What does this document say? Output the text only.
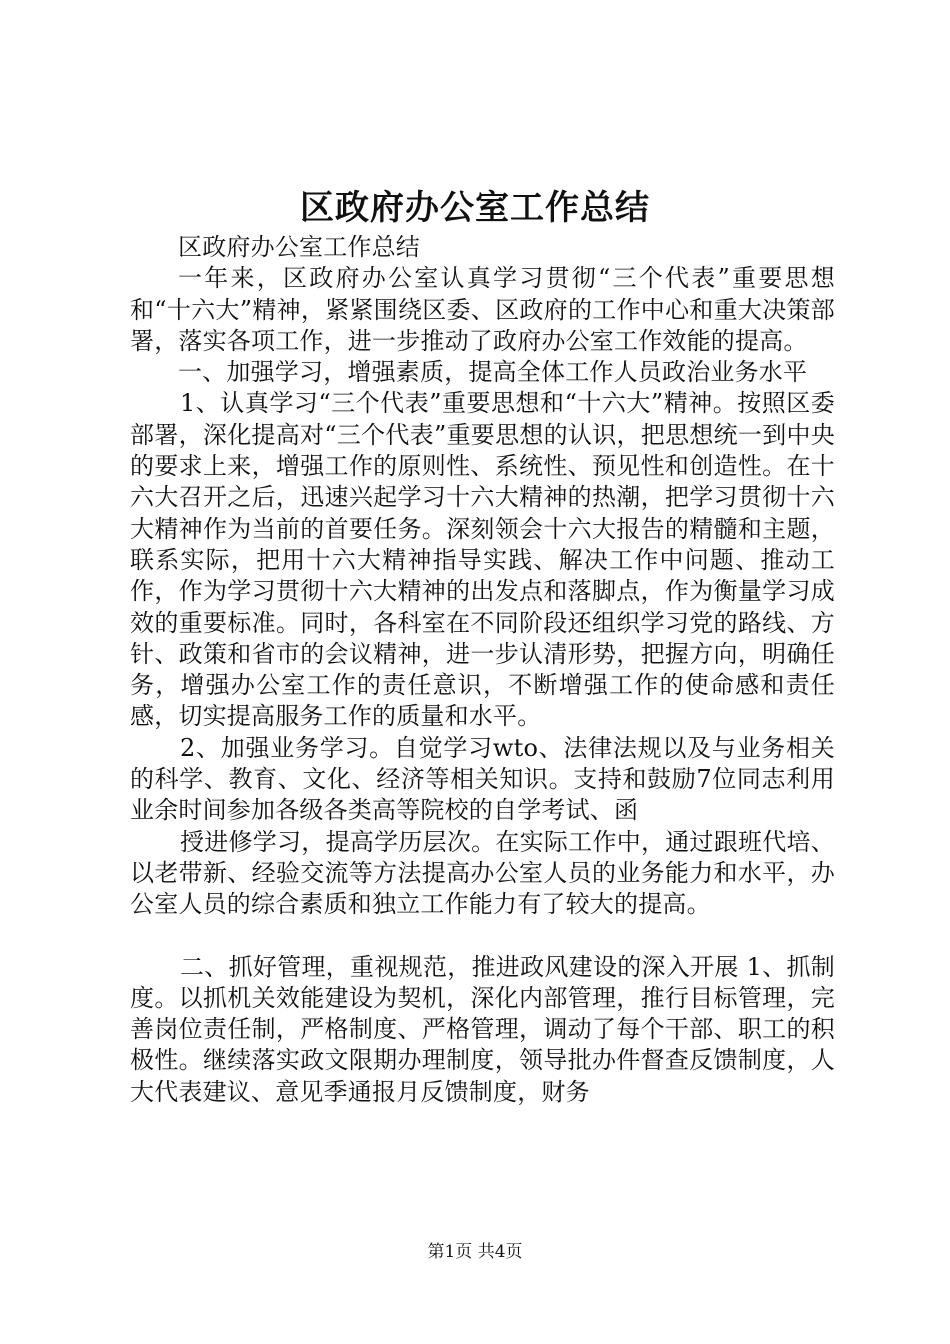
区政府办公室工作总结

区政府办公室工作总结

一年来，区政府办公室认真学习贯彻“三个代表”重要思想和“十六大”精神，紧紧围绕区委、区政府的工作中心和重大决策部署，落实各项工作，进一步推动了政府办公室工作效能的提高。

一、加强学习，增强素质，提高全体工作人员政治业务水平

1、认真学习“三个代表”重要思想和“十六大”精神。按照区委部署，深化提高对“三个代表”重要思想的认识，把思想统一到中央的要求上来，增强工作的原则性、系统性、预见性和创造性。在十六大召开之后，迅速兴起学习十六大精神的热潮，把学习贯彻十六大精神作为当前的首要任务。深刻领会十六大报告的精髓和主题，联系实际，把用十六大精神指导实践、解决工作中问题、推动工作，作为学习贯彻十六大精神的出发点和落脚点，作为衡量学习成效的重要标准。同时，各科室在不同阶段还组织学习党的路线、方针、政策和省市的会议精神，进一步认清形势，把握方向，明确任务，增强办公室工作的责任意识，不断增强工作的使命感和责任感，切实提高服务工作的质量和水平。

2、加强业务学习。自觉学习wto、法律法规以及与业务相关的科学、教育、文化、经济等相关知识。支持和鼓励7位同志利用业余时间参加各级各类高等院校的自学考试、函

授进修学习，提高学历层次。在实际工作中，通过跟班代培、以老带新、经验交流等方法提高办公室人员的业务能力和水平，办公室人员的综合素质和独立工作能力有了较大的提高。

二、抓好管理，重视规范，推进政风建设的深入开展 1、抓制度。以抓机关效能建设为契机，深化内部管理，推行目标管理，完善岗位责任制，严格制度、严格管理，调动了每个干部、职工的积极性。继续落实政文限期办理制度，领导批办件督查反馈制度，人大代表建议、意见季通报月反馈制度，财务

第1页 共4页
